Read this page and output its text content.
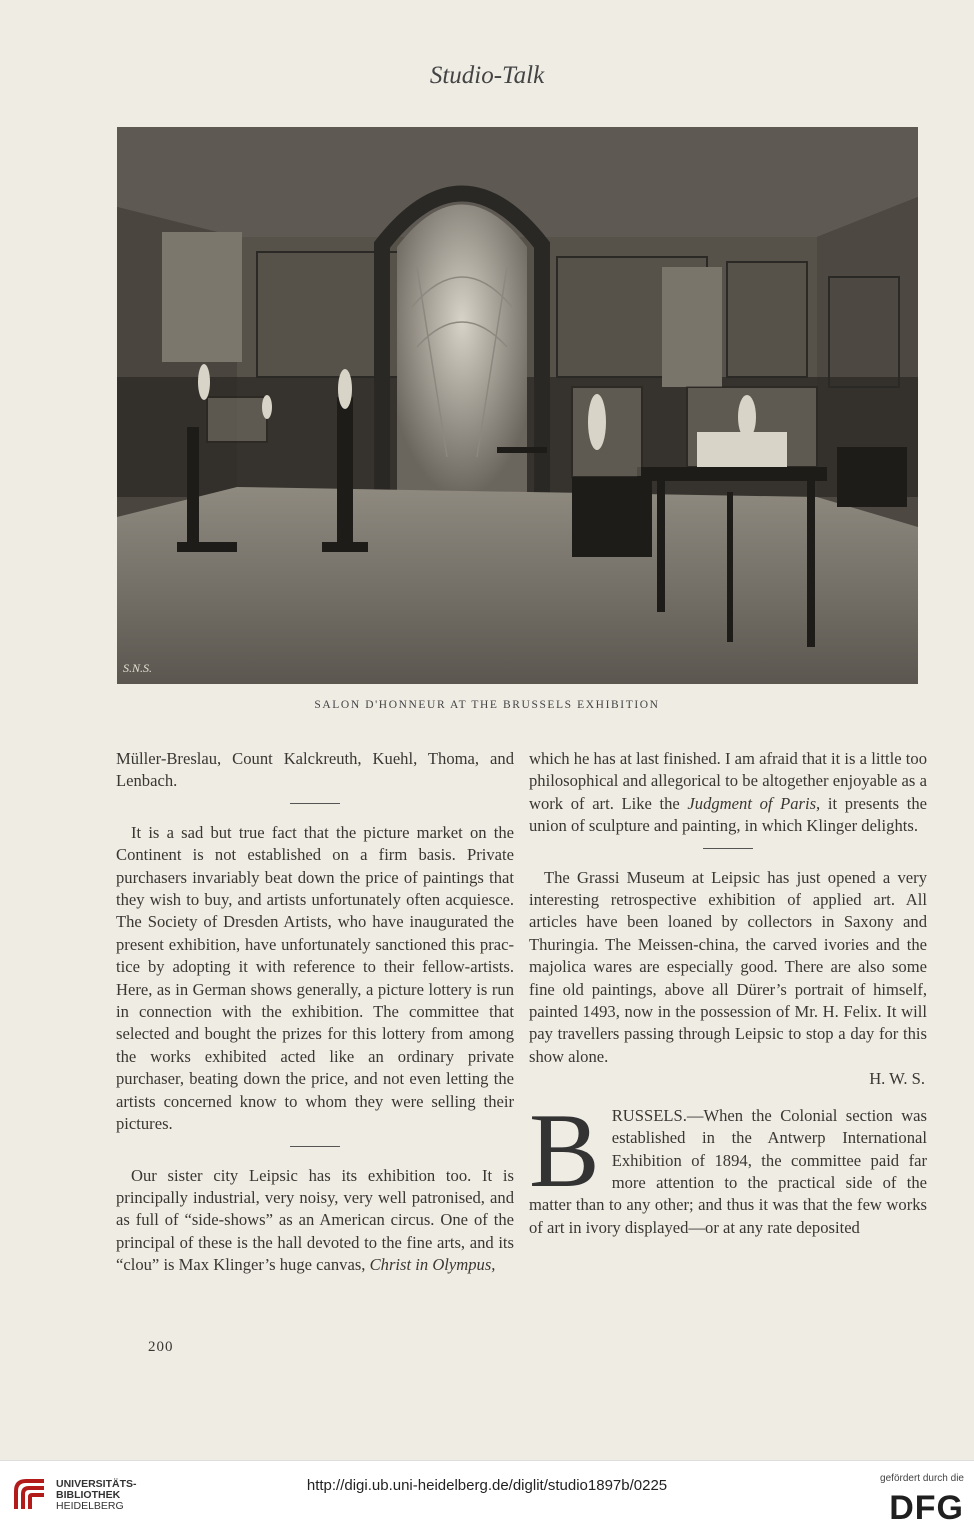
Studio-Talk
S.N.S.
SALON D'HONNEUR AT THE BRUSSELS EXHIBITION

Müller-Breslau, Count Kalckreuth, Kuehl, Thoma, and Lenbach.

It is a sad but true fact that the picture market on the Continent is not established on a firm basis. Private purchasers invariably beat down the price of paintings that they wish to buy, and artists unfortunately often acquiesce. The Society of Dresden Artists, who have inaugurated the present exhibition, have unfortunately sanctioned this practice by adopting it with reference to their fellow-artists. Here, as in German shows generally, a picture lottery is run in connection with the exhibition. The committee that selected and bought the prizes for this lottery from among the works exhibited acted like an ordinary private purchaser, beating down the price, and not even letting the artists concerned know to whom they were selling their pictures.

Our sister city Leipsic has its exhibition too. It is principally industrial, very noisy, very well patronised, and as full of “side-shows” as an American circus. One of the principal of these is the hall devoted to the fine arts, and its “clou” is Max Klinger’s huge canvas, Christ in Olympus,

which he has at last finished. I am afraid that it is a little too philosophical and allegorical to be altogether enjoyable as a work of art. Like the Judgment of Paris, it presents the union of sculpture and painting, in which Klinger delights.

The Grassi Museum at Leipsic has just opened a very interesting retrospective exhibition of applied art. All articles have been loaned by collectors in Saxony and Thuringia. The Meissen-china, the carved ivories and the majolica wares are especially good. There are also some fine old paintings, above all Dürer’s portrait of himself, painted 1493, now in the possession of Mr. H. Felix. It will pay travellers passing through Leipsic to stop a day for this show alone.

H. W. S.

B RUSSELS.—When the Colonial section was established in the Antwerp International Exhibition of 1894, the committee paid far more attention to the practical side of the matter than to any other; and thus it was that the few works of art in ivory displayed—or at any rate deposited

200
UNIVERSITÄTS-
BIBLIOTHEK
HEIDELBERG
http://digi.ub.uni-heidelberg.de/diglit/studio1897b/0225	gefördert durch die
DFG
